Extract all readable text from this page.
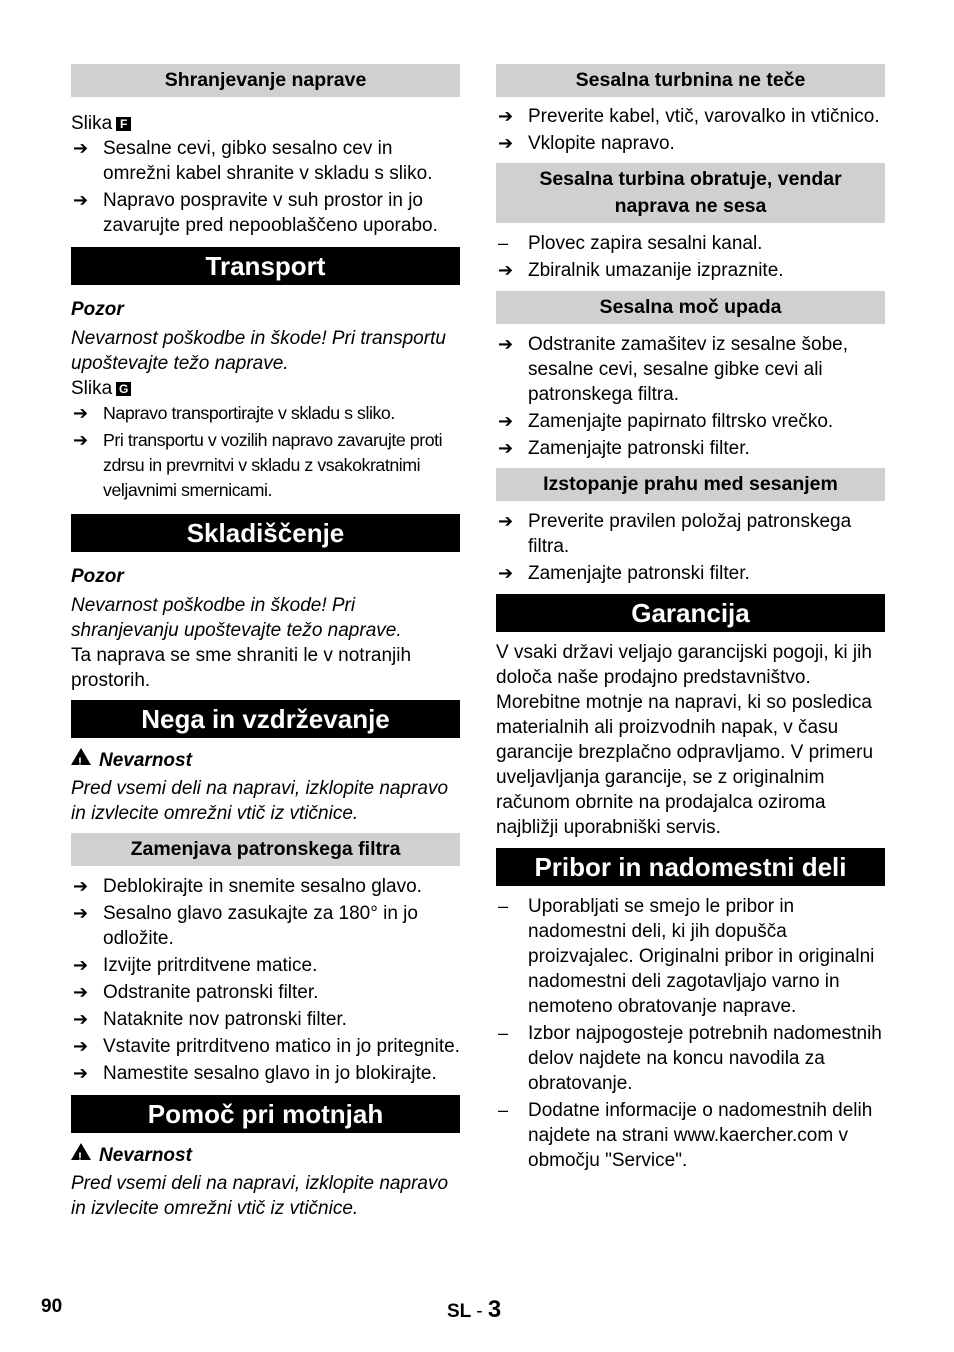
Shranjevanje naprave

Slika F

➔ Sesalne cevi, gibko sesalno cev in omrežni kabel shranite v skladu s sliko.
➔ Napravo pospravite v suh prostor in jo zavarujte pred nepooblaščeno uporabo.
Transport

Pozor

Nevarnost poškodbe in škode! Pri transportu upoštevajte težo naprave.

Slika G

➔ Napravo transportirajte v skladu s sliko.
➔ Pri transportu v vozilih napravo zavarujte proti zdrsu in prevrnitvi v skladu z vsakokratnimi veljavnimi smernicami.
Skladiščenje

Pozor

Nevarnost poškodbe in škode! Pri shranjevanju upoštevajte težo naprave.

Ta naprava se sme shraniti le v notranjih prostorih.

Nega in vzdrževanje

!Nevarnost

Pred vsemi deli na napravi, izklopite napravo in izvlecite omrežni vtič iz vtičnice.

Zamenjava patronskega filtra
➔ Deblokirajte in snemite sesalno glavo.
➔ Sesalno glavo zasukajte za 180° in jo odložite.
➔ Izvijte pritrditvene matice.
➔ Odstranite patronski filter.
➔ Nataknite nov patronski filter.
➔ Vstavite pritrditveno matico in jo pritegnite.
➔ Namestite sesalno glavo in jo blokirajte.
Pomoč pri motnjah

!Nevarnost

Pred vsemi deli na napravi, izklopite napravo in izvlecite omrežni vtič iz vtičnice.

Sesalna turbnina ne teče
➔ Preverite kabel, vtič, varovalko in vtičnico.
➔ Vklopite napravo.
Sesalna turbina obratuje, vendar naprava ne sesa
–	Plovec zapira sesalni kanal.
➔ Zbiralnik umazanije izpraznite.
Sesalna moč upada
➔ Odstranite zamašitev iz sesalne šobe, sesalne cevi, sesalne gibke cevi ali patronskega filtra.
➔ Zamenjajte papirnato filtrsko vrečko.
➔ Zamenjajte patronski filter.
Izstopanje prahu med sesanjem
➔ Preverite pravilen položaj patronskega filtra.
➔ Zamenjajte patronski filter.
Garancija

V vsaki državi veljajo garancijski pogoji, ki jih določa naše prodajno predstavništvo. Morebitne motnje na napravi, ki so posledica materialnih ali proizvodnih napak, v času garancije brezplačno odpravljamo. V primeru uveljavljanja garancije, se z originalnim računom obrnite na prodajalca oziroma najbližji uporabniški servis.

Pribor in nadomestni deli
–	Uporabljati se smejo le pribor in nadomestni deli, ki jih dopušča proizvajalec. Originalni pribor in originalni nadomestni deli zagotavljajo varno in nemoteno obratovanje naprave.
–	Izbor najpogosteje potrebnih nadomestnih delov najdete na koncu navodila za obratovanje.
–	Dodatne informacije o nadomestnih delih najdete na strani www.kaercher.com v območju "Service".
90	SL - 3
